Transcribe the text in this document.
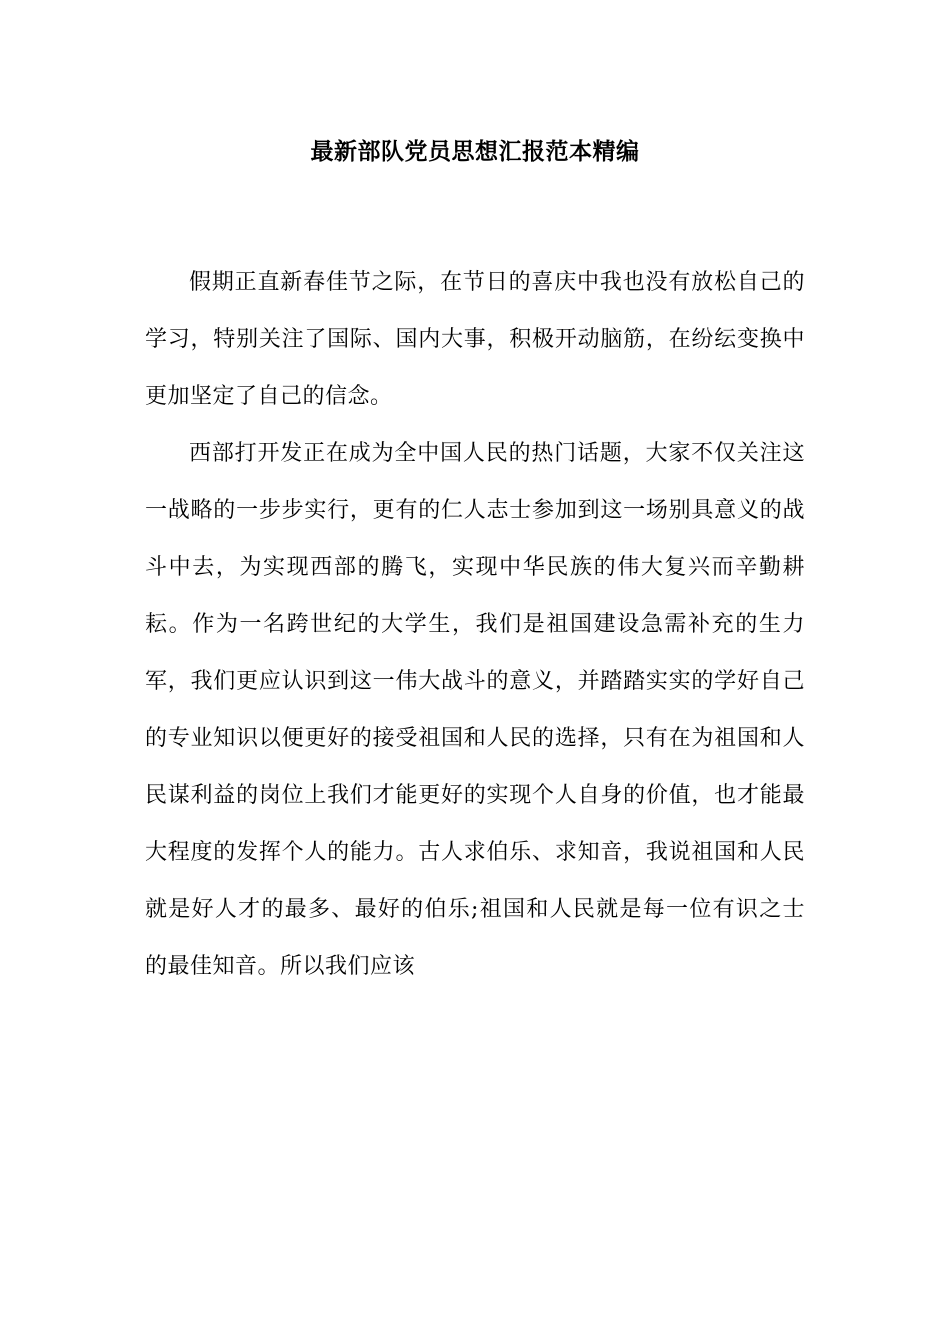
最新部队党员思想汇报范本精编

假期正直新春佳节之际，在节日的喜庆中我也没有放松自己的学习，特别关注了国际、国内大事，积极开动脑筋，在纷纭变换中更加坚定了自己的信念。

西部打开发正在成为全中国人民的热门话题，大家不仅关注这一战略的一步步实行，更有的仁人志士参加到这一场别具意义的战斗中去，为实现西部的腾飞，实现中华民族的伟大复兴而辛勤耕耘。作为一名跨世纪的大学生，我们是祖国建设急需补充的生力军，我们更应认识到这一伟大战斗的意义，并踏踏实实的学好自己的专业知识以便更好的接受祖国和人民的选择，只有在为祖国和人民谋利益的岗位上我们才能更好的实现个人自身的价值，也才能最大程度的发挥个人的能力。古人求伯乐、求知音，我说祖国和人民就是好人才的最多、最好的伯乐;祖国和人民就是每一位有识之士的最佳知音。所以我们应该
